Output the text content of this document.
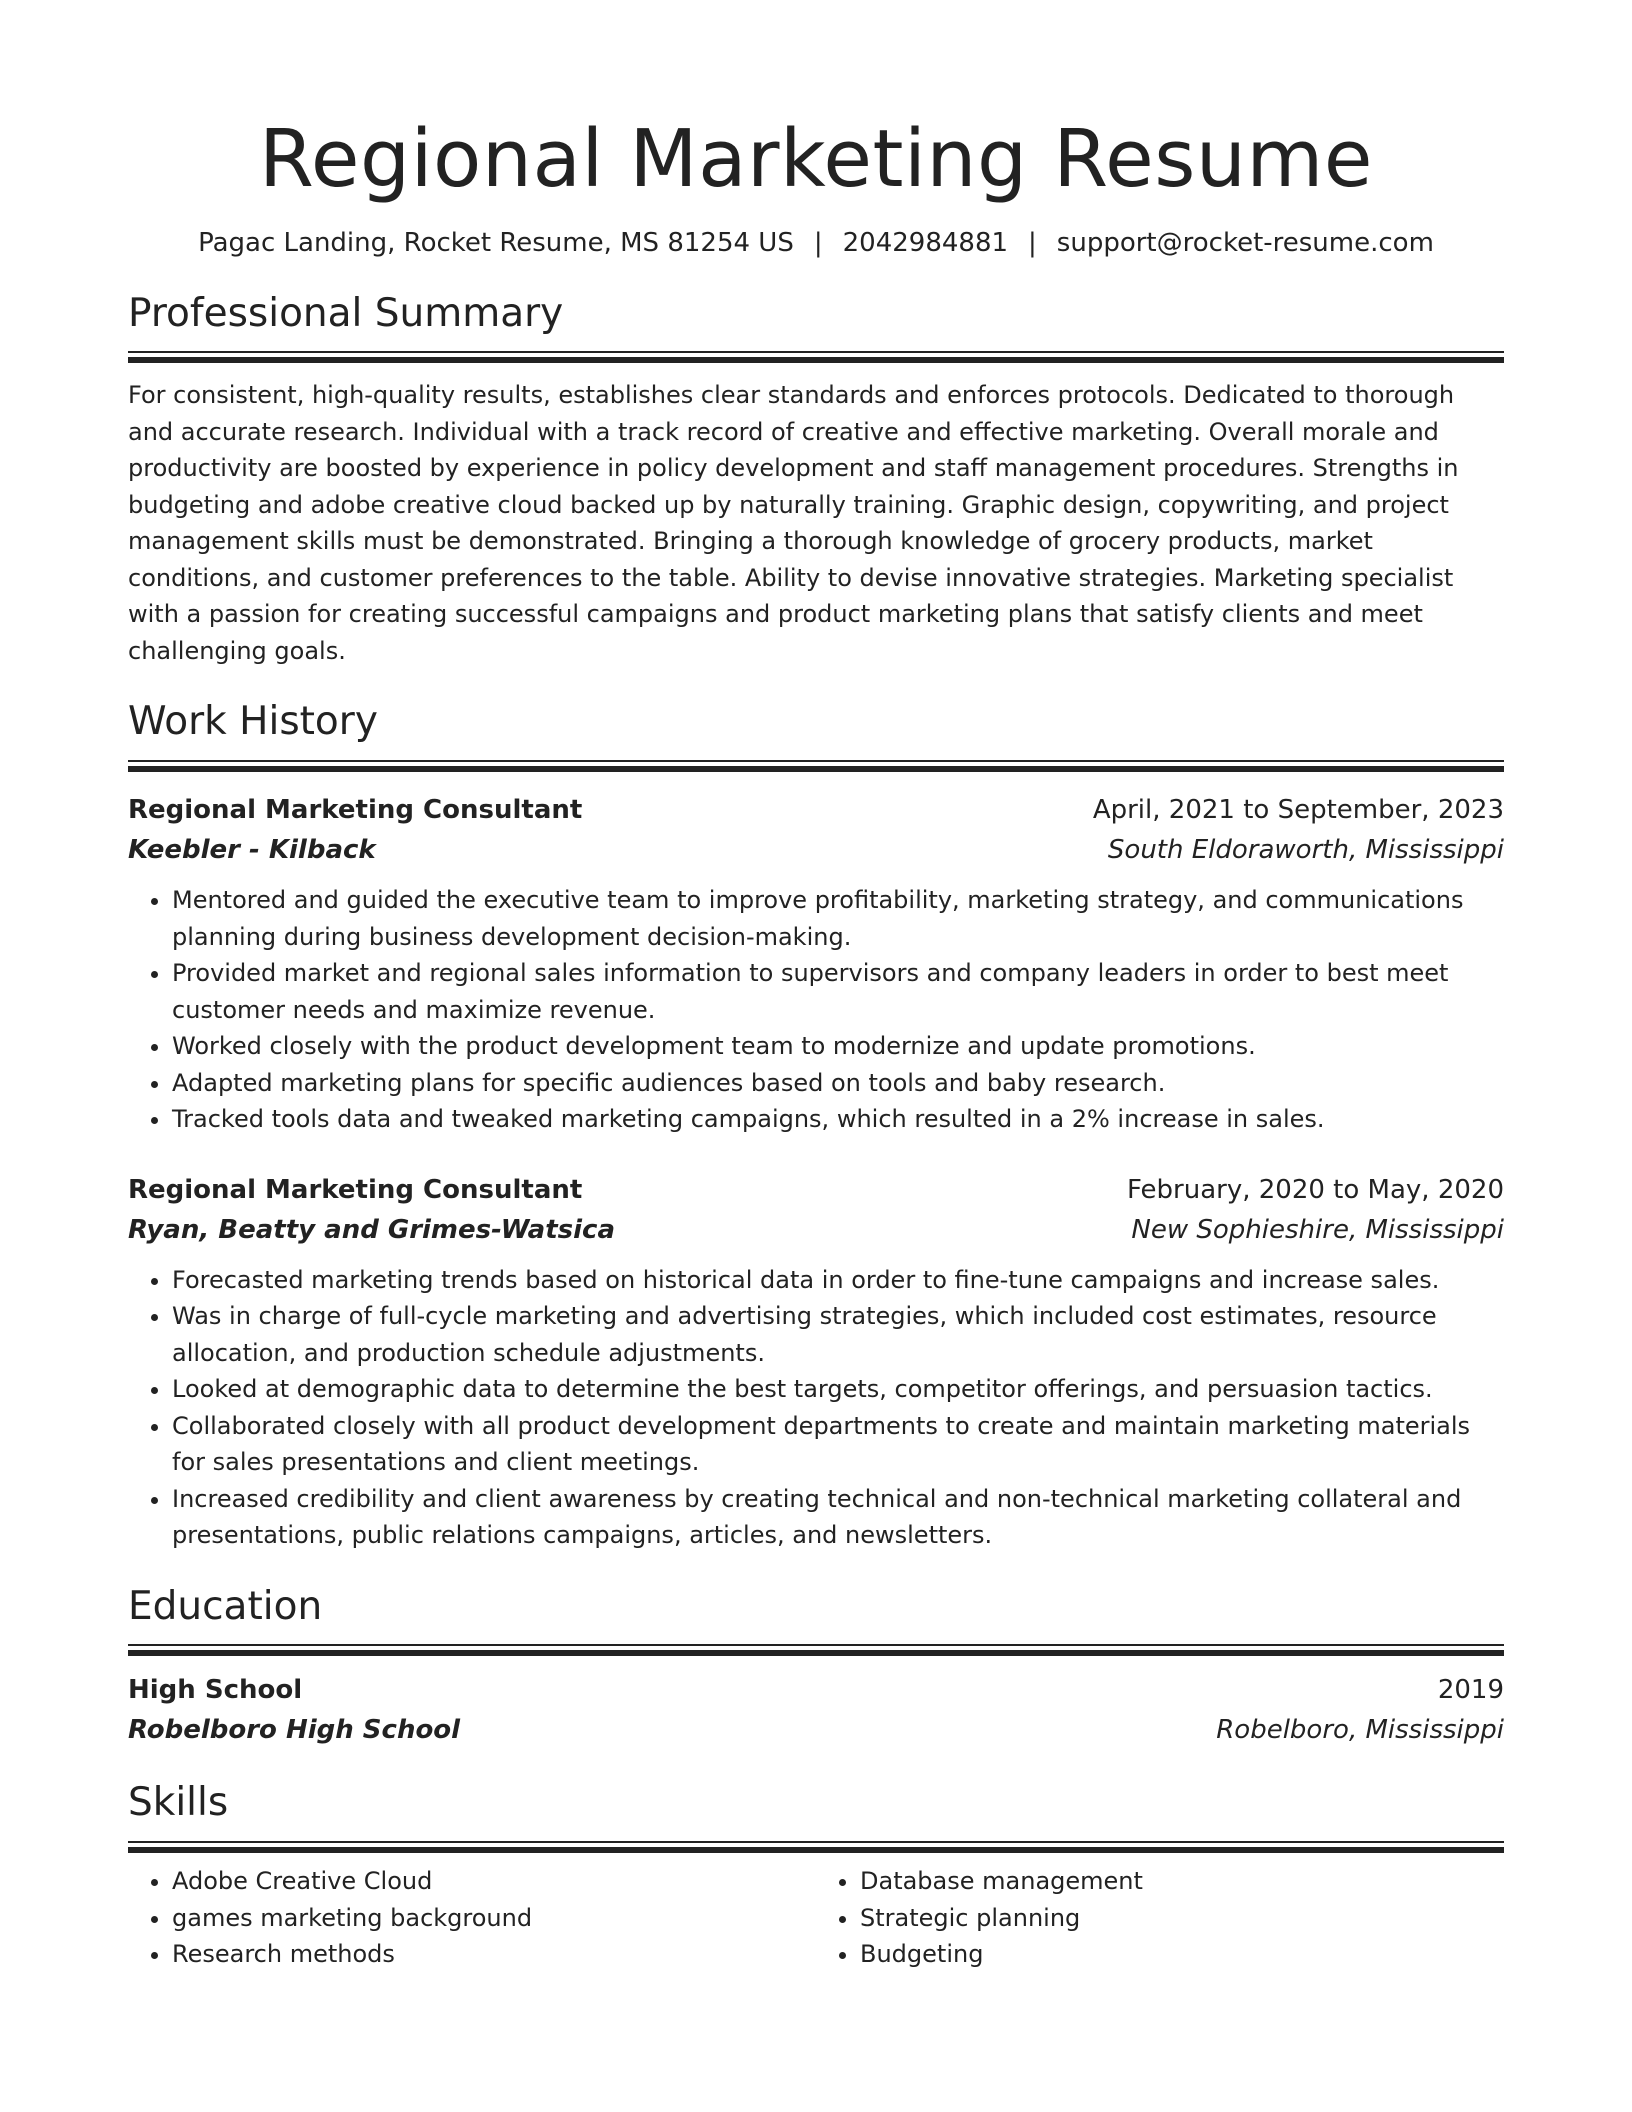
Regional Marketing Resume
Pagac Landing, Rocket Resume, MS 81254 US | 2042984881 | support@rocket-resume.com
Professional Summary

For consistent, high-quality results, establishes clear standards and enforces protocols. Dedicated to thorough and accurate research. Individual with a track record of creative and effective marketing. Overall morale and productivity are boosted by experience in policy development and staff management procedures. Strengths in budgeting and adobe creative cloud backed up by naturally training. Graphic design, copywriting, and project management skills must be demonstrated. Bringing a thorough knowledge of grocery products, market conditions, and customer preferences to the table. Ability to devise innovative strategies. Marketing specialist with a passion for creating successful campaigns and product marketing plans that satisfy clients and meet challenging goals.

Work History
Regional Marketing Consultant	April, 2021 to September, 2023
Keebler - Kilback	South Eldoraworth, Mississippi
• Mentored and guided the executive team to improve profitability, marketing strategy, and communications planning during business development decision-making.
• Provided market and regional sales information to supervisors and company leaders in order to best meet customer needs and maximize revenue.
• Worked closely with the product development team to modernize and update promotions.
• Adapted marketing plans for specific audiences based on tools and baby research.
• Tracked tools data and tweaked marketing campaigns, which resulted in a 2% increase in sales.
Regional Marketing Consultant	February, 2020 to May, 2020
Ryan, Beatty and Grimes-Watsica	New Sophieshire, Mississippi
• Forecasted marketing trends based on historical data in order to fine-tune campaigns and increase sales.
• Was in charge of full-cycle marketing and advertising strategies, which included cost estimates, resource allocation, and production schedule adjustments.
• Looked at demographic data to determine the best targets, competitor offerings, and persuasion tactics.
• Collaborated closely with all product development departments to create and maintain marketing materials for sales presentations and client meetings.
• Increased credibility and client awareness by creating technical and non-technical marketing collateral and presentations, public relations campaigns, articles, and newsletters.
Education
High School	2019
Robelboro High School	Robelboro, Mississippi
Skills
• Adobe Creative Cloud
• games marketing background
• Research methods
• Database management
• Strategic planning
• Budgeting
